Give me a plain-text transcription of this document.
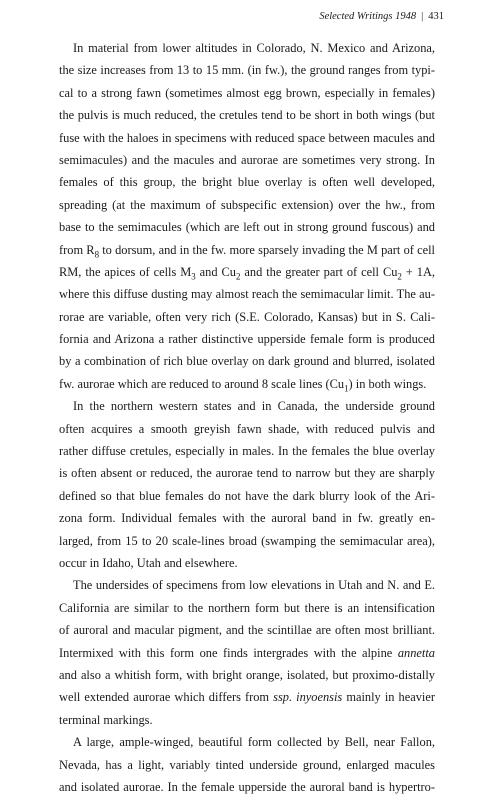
Selected Writings 1948 | 431
In material from lower altitudes in Colorado, N. Mexico and Arizona,
the size increases from 13 to 15 mm. (in fw.), the ground ranges from typi-
cal to a strong fawn (sometimes almost egg brown, especially in females)
the pulvis is much reduced, the cretules tend to be short in both wings (but
fuse with the haloes in specimens with reduced space between macules and
semimacules) and the macules and aurorae are sometimes very strong. In
females of this group, the bright blue overlay is often well developed,
spreading (at the maximum of subspecific extension) over the hw., from
base to the semimacules (which are left out in strong ground fuscous) and
from $R_8$ to dorsum, and in the fw. more sparsely invading the M part of cell
RM, the apices of cells $M_3$ and $Cu_2$ and the greater part of cell $Cu_2 + 1A$,
where this diffuse dusting may almost reach the semimacular limit. The au-
rorae are variable, often very rich (S.E. Colorado, Kansas) but in S. Cali-
fornia and Arizona a rather distinctive upperside female form is produced
by a combination of rich blue overlay on dark ground and blurred, isolated
fw. aurorae which are reduced to around 8 scale lines $(Cu_1)$ in both wings.
In the northern western states and in Canada, the underside ground
often acquires a smooth greyish fawn shade, with reduced pulvis and
rather diffuse cretules, especially in males. In the females the blue overlay
is often absent or reduced, the aurorae tend to narrow but they are sharply
defined so that blue females do not have the dark blurry look of the Ari-
zona form. Individual females with the auroral band in fw. greatly en-
larged, from 15 to 20 scale-lines broad (swamping the semimacular area),
occur in Idaho, Utah and elsewhere.
The undersides of specimens from low elevations in Utah and N. and E.
California are similar to the northern form but there is an intensification
of auroral and macular pigment, and the scintillae are often most brilliant.
Intermixed with this form one finds intergrades with the alpine annetta
and also a whitish form, with bright orange, isolated, but proximo-distally
well extended aurorae which differs from ssp. inyoensis mainly in heavier
terminal markings.
A large, ample-winged, beautiful form collected by Bell, near Fallon,
Nevada, has a light, variably tinted underside ground, enlarged macules
and isolated aurorae. In the female upperside the auroral band is hypertro-
